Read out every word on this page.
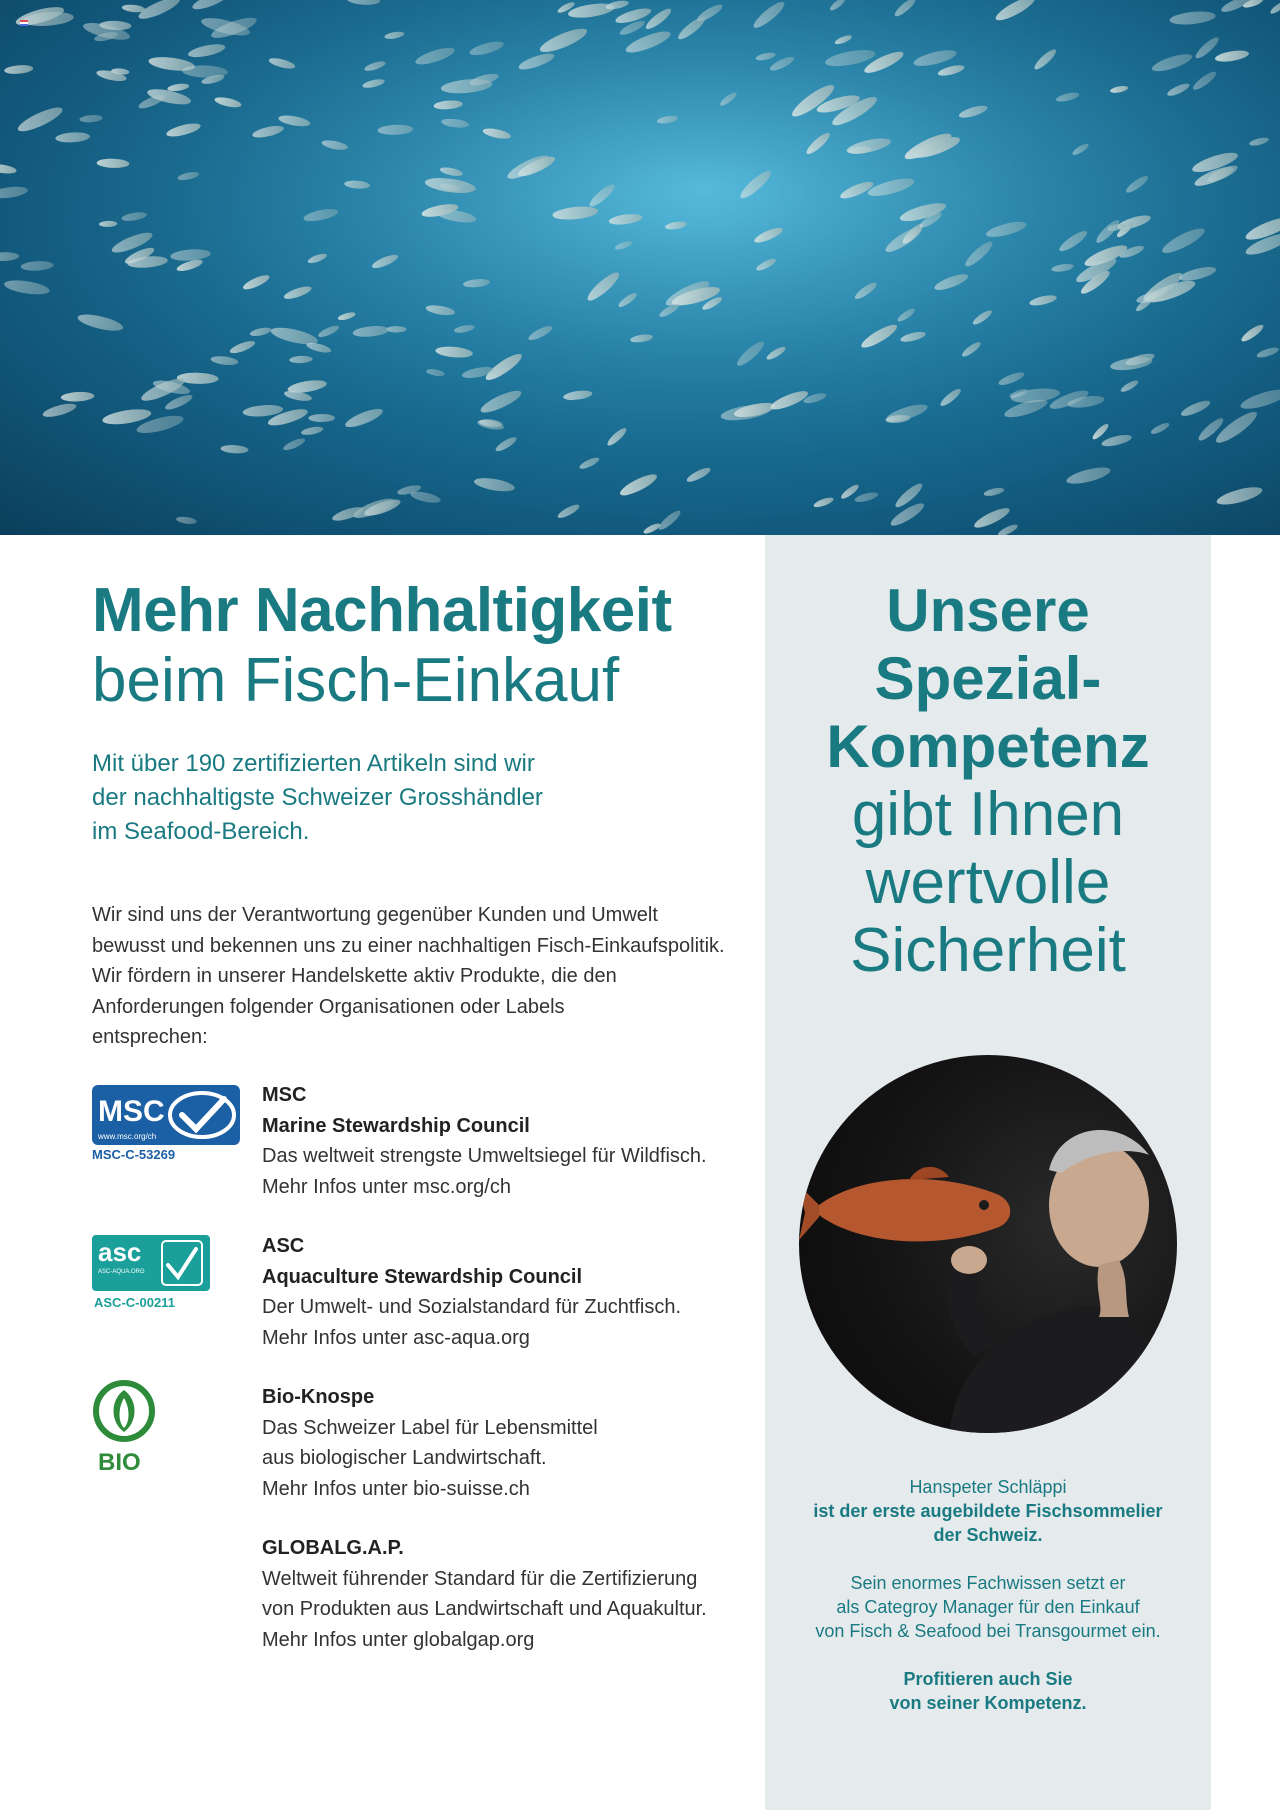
Mehr Nachhaltigkeit
beim Fisch-Einkauf
Mit über 190 zertifizierten Artikeln sind wir
der nachhaltigste Schweizer Grosshändler
im Seafood-Bereich.
Wir sind uns der Verantwortung gegenüber Kunden und Umwelt
bewusst und bekennen uns zu einer nachhaltigen Fisch-Einkaufspolitik.
Wir fördern in unserer Handelskette aktiv Produkte, die den
Anforderungen folgender Organisationen oder Labels
entsprechen:
MSC
www.msc.org/ch
MSC-C-53269
MSC
Marine Stewardship Council
Das weltweit strengste Umweltsiegel für Wildfisch.
Mehr Infos unter msc.org/ch
asc
ASC-AQUA.ORG
ASC-C-00211
ASC
Aquaculture Stewardship Council
Der Umwelt- und Sozialstandard für Zuchtfisch.
Mehr Infos unter asc-aqua.org
BIO
Bio-Knospe
Das Schweizer Label für Lebensmittel
aus biologischer Landwirtschaft.
Mehr Infos unter bio-suisse.ch
GLOBALG.A.P.
Weltweit führender Standard für die Zertifizierung
von Produkten aus Landwirtschaft und Aquakultur.
Mehr Infos unter globalgap.org
Unsere
Spezial-
Kompetenz
gibt Ihnen
wertvolle
Sicherheit

Hanspeter Schläppi
ist der erste augebildete Fischsommelier
der Schweiz.

Sein enormes Fachwissen setzt er
als Categroy Manager für den Einkauf
von Fisch & Seafood bei Transgourmet ein.

Profitieren auch Sie
von seiner Kompetenz.
